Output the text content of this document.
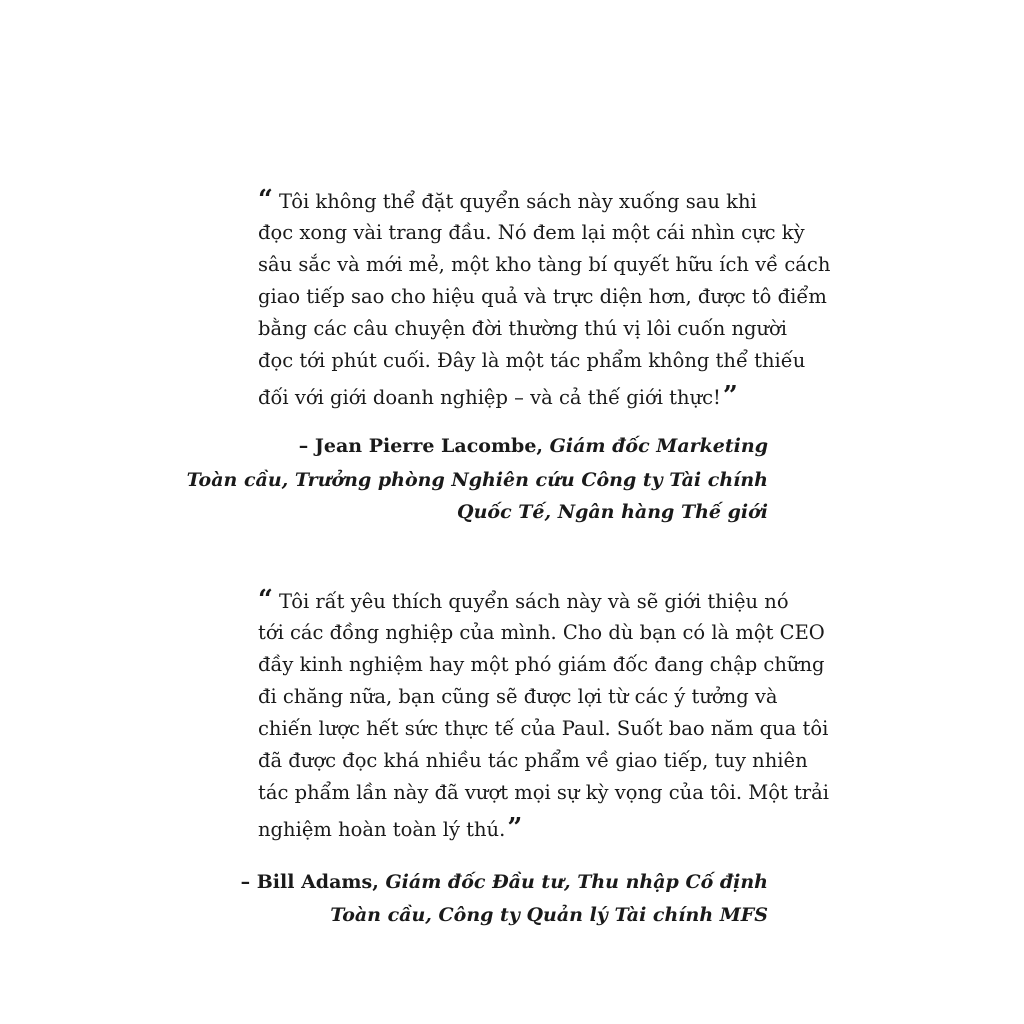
“ Tôi không thể đặt quyển sách này xuống sau khi
đọc xong vài trang đầu. Nó đem lại một cái nhìn cực kỳ
sâu sắc và mới mẻ, một kho tàng bí quyết hữu ích về cách
giao tiếp sao cho hiệu quả và trực diện hơn, được tô điểm
bằng các câu chuyện đời thường thú vị lôi cuốn người
đọc tới phút cuối. Đây là một tác phẩm không thể thiếu
đối với giới doanh nghiệp – và cả thế giới thực!”
– Jean Pierre Lacombe, Giám đốc Marketing
Toàn cầu, Trưởng phòng Nghiên cứu Công ty Tài chính
Quốc Tế, Ngân hàng Thế giới
“ Tôi rất yêu thích quyển sách này và sẽ giới thiệu nó
tới các đồng nghiệp của mình. Cho dù bạn có là một CEO
đầy kinh nghiệm hay một phó giám đốc đang chập chững
đi chăng nữa, bạn cũng sẽ được lợi từ các ý tưởng và
chiến lược hết sức thực tế của Paul. Suốt bao năm qua tôi
đã được đọc khá nhiều tác phẩm về giao tiếp, tuy nhiên
tác phẩm lần này đã vượt mọi sự kỳ vọng của tôi. Một trải
nghiệm hoàn toàn lý thú.”
– Bill Adams, Giám đốc Đầu tư, Thu nhập Cố định
Toàn cầu, Công ty Quản lý Tài chính MFS
